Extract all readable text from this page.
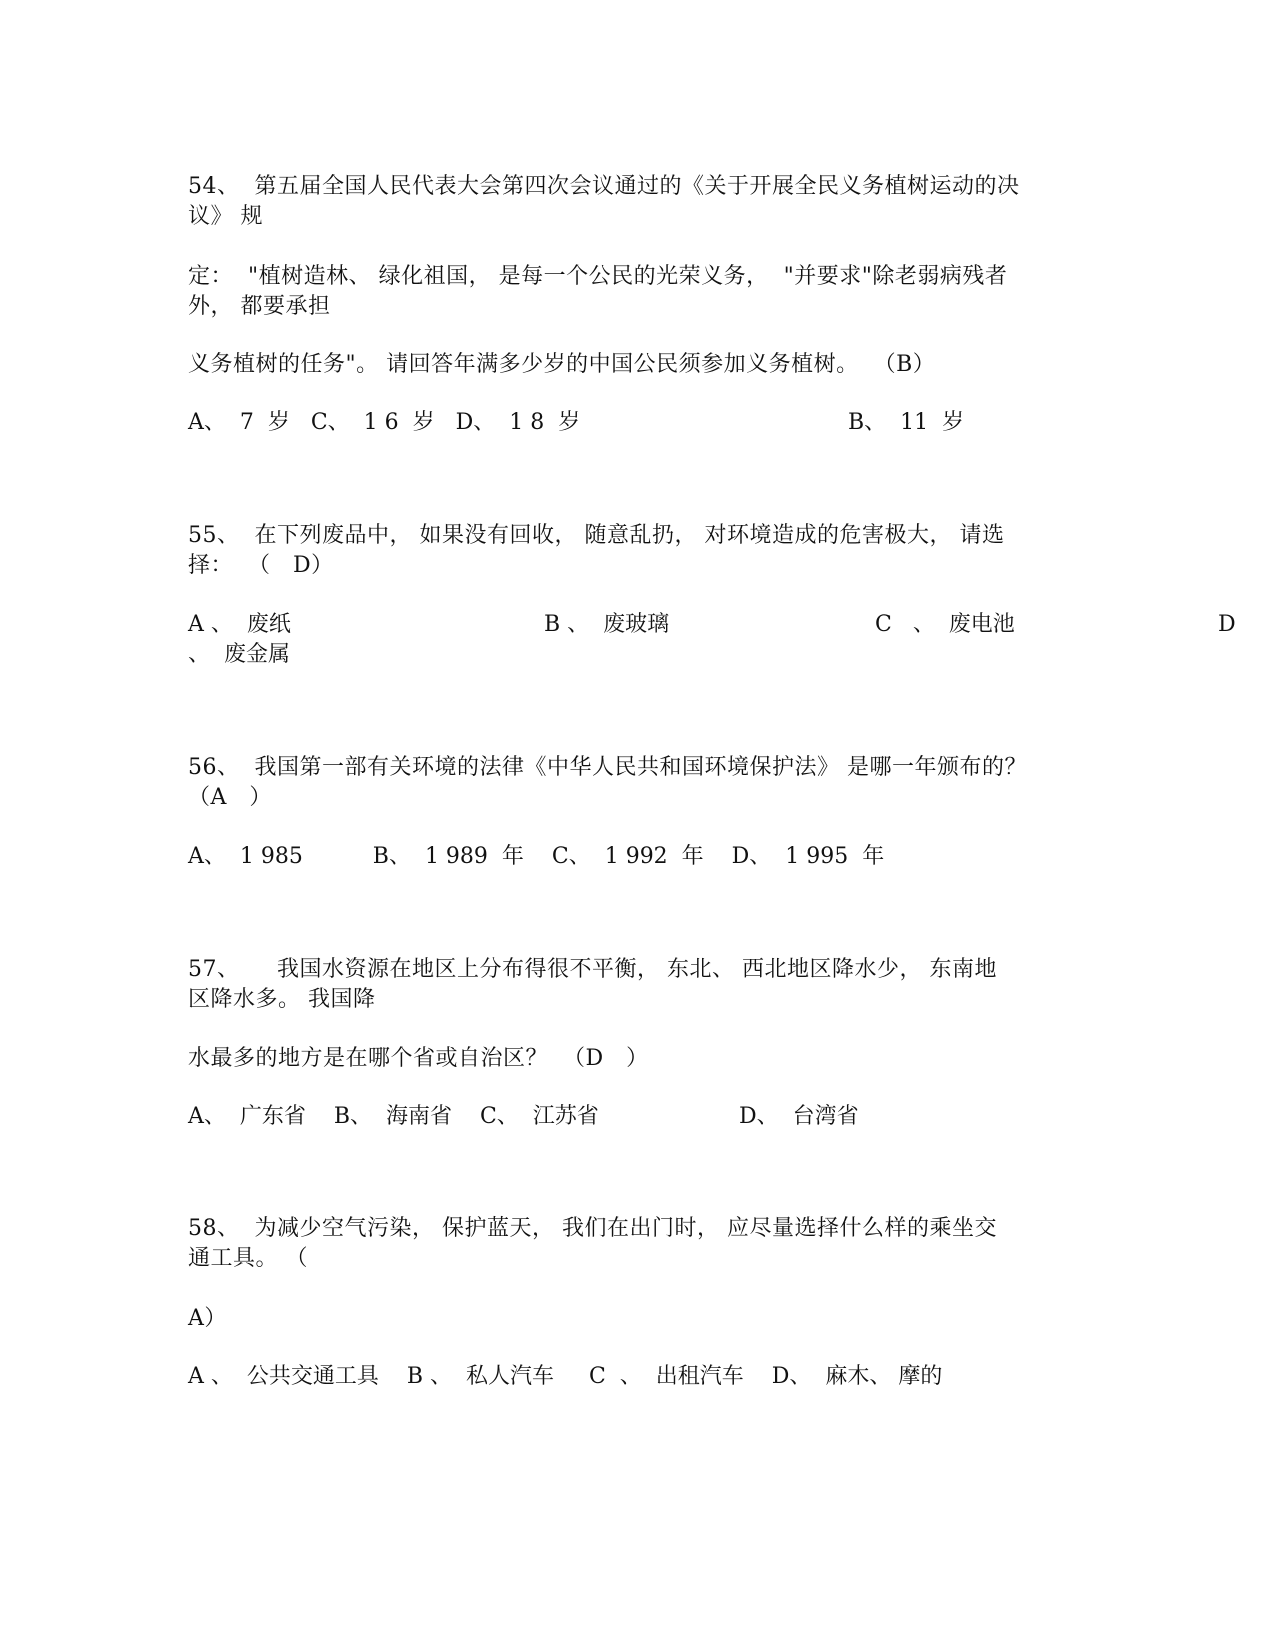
54、  第五届全国人民代表大会第四次会议通过的《关于开展全民义务植树运动的决
议》 规
定：  "植树造林、 绿化祖国， 是每一个公民的光荣义务，  "并要求"除老弱病残者
外， 都要承担
义务植树的任务"。 请回答年满多少岁的中国公民须参加义务植树。  （B）
A、  7  岁   C、  1 6  岁   D、  1 8  岁	B、  11  岁
55、  在下列废品中， 如果没有回收， 随意乱扔， 对环境造成的危害极大， 请选
择：  （   D）
A 、  废纸	B 、  废玻璃	C   、  废电池	D
、  废金属
56、  我国第一部有关环境的法律《中华人民共和国环境保护法》 是哪一年颁布的？
（A   ）
A、  1 985          B、  1 989  年    C、  1 992  年    D、  1 995  年
57、     我国水资源在地区上分布得很不平衡， 东北、 西北地区降水少， 东南地
区降水多。 我国降
水最多的地方是在哪个省或自治区？  （D   ）
A、  广东省    B、  海南省    C、  江苏省	D、  台湾省
58、  为减少空气污染， 保护蓝天， 我们在出门时， 应尽量选择什么样的乘坐交
通工具。 （
A）
A 、  公共交通工具    B 、  私人汽车     C  、  出租汽车    D、  麻木、 摩的
